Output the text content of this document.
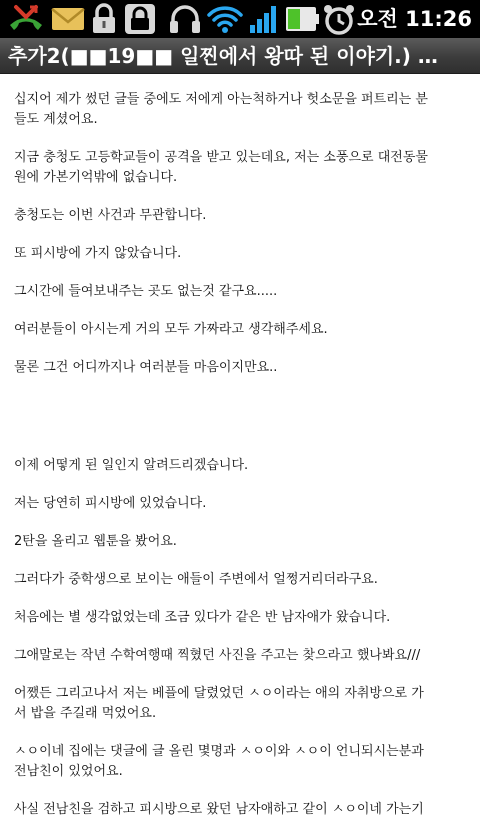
오전 11:26
추가2(■■19■■ 일찐에서 왕따 된 이야기.) …

십지어 제가 썼던 글들 중에도 저에게 아는척하거나 헛소문을 퍼트리는 분
들도 계셨어요.

지금 충청도 고등학교들이 공격을 받고 있는데요, 저는 소풍으로 대전동물
원에 가본기억밖에 없습니다.

충청도는 이번 사건과 무관합니다.

또 피시방에 가지 않았습니다.

그시간에 들여보내주는 곳도 없는것 같구요.....

여러분들이 아시는게 거의 모두 가짜라고 생각해주세요.

물론 그건 어디까지나 여러분들 마음이지만요..

이제 어떻게 된 일인지 알려드리겠습니다.

저는 당연히 피시방에 있었습니다.

2탄을 올리고 웹툰을 봤어요.

그러다가 중학생으로 보이는 애들이 주변에서 얼쩡거리더라구요.

처음에는 별 생각없었는데 조금 있다가 같은 반 남자애가 왔습니다.

그애말로는 작년 수학여행때 찍혔던 사진을 주고는 찾으라고 했나봐요///

어쨌든 그리고나서 저는 베플에 달렸었던 ㅅㅇ이라는 애의 자취방으로 가
서 밥을 주길래 먹었어요.

ㅅㅇ이네 집에는 댓글에 글 올린 몇명과 ㅅㅇ이와 ㅅㅇ이 언니되시는분과
전남친이 있었어요.

사실 전남친을 검하고 피시방으로 왔던 남자애하고 같이 ㅅㅇ이네 가는기
